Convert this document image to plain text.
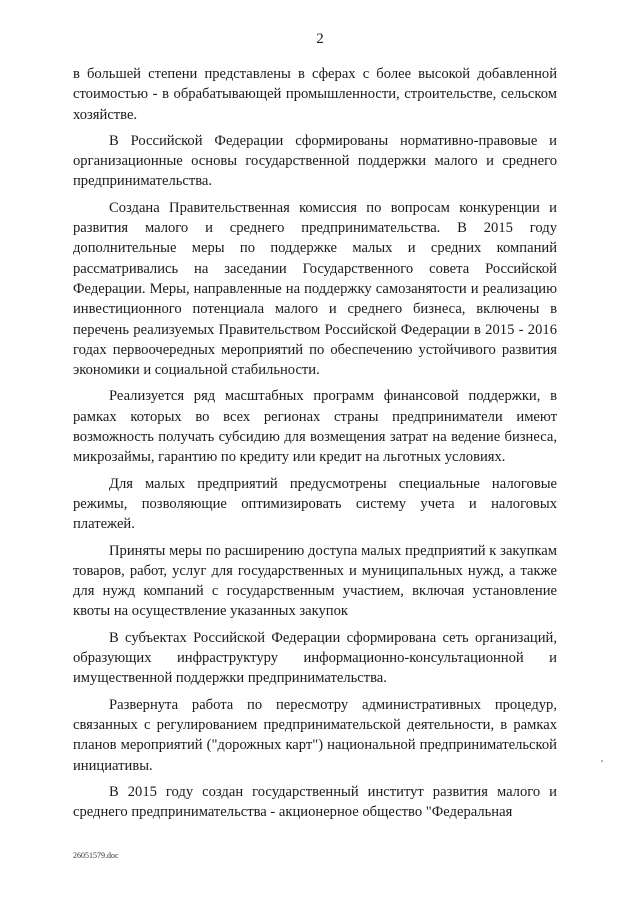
2

в большей степени представлены в сферах с более высокой добавленной стоимостью - в обрабатывающей промышленности, строительстве, сельском хозяйстве.

В Российской Федерации сформированы нормативно-правовые и организационные основы государственной поддержки малого и среднего предпринимательства.

Создана Правительственная комиссия по вопросам конкуренции и развития малого и среднего предпринимательства. В 2015 году дополнительные меры по поддержке малых и средних компаний рассматривались на заседании Государственного совета Российской Федерации. Меры, направленные на поддержку самозанятости и реализацию инвестиционного потенциала малого и среднего бизнеса, включены в перечень реализуемых Правительством Российской Федерации в 2015 - 2016 годах первоочередных мероприятий по обеспечению устойчивого развития экономики и социальной стабильности.

Реализуется ряд масштабных программ финансовой поддержки, в рамках которых во всех регионах страны предприниматели имеют возможность получать субсидию для возмещения затрат на ведение бизнеса, микрозаймы, гарантию по кредиту или кредит на льготных условиях.

Для малых предприятий предусмотрены специальные налоговые режимы, позволяющие оптимизировать систему учета и налоговых платежей.

Приняты меры по расширению доступа малых предприятий к закупкам товаров, работ, услуг для государственных и муниципальных нужд, а также для нужд компаний с государственным участием, включая установление квоты на осуществление указанных закупок

В субъектах Российской Федерации сформирована сеть организаций, образующих инфраструктуру информационно-консультационной и имущественной поддержки предпринимательства.

Развернута работа по пересмотру административных процедур, связанных с регулированием предпринимательской деятельности, в рамках планов мероприятий ("дорожных карт") национальной предпринимательской инициативы.

В 2015 году создан государственный институт развития малого и среднего предпринимательства - акционерное общество "Федеральная

26051579.doc
